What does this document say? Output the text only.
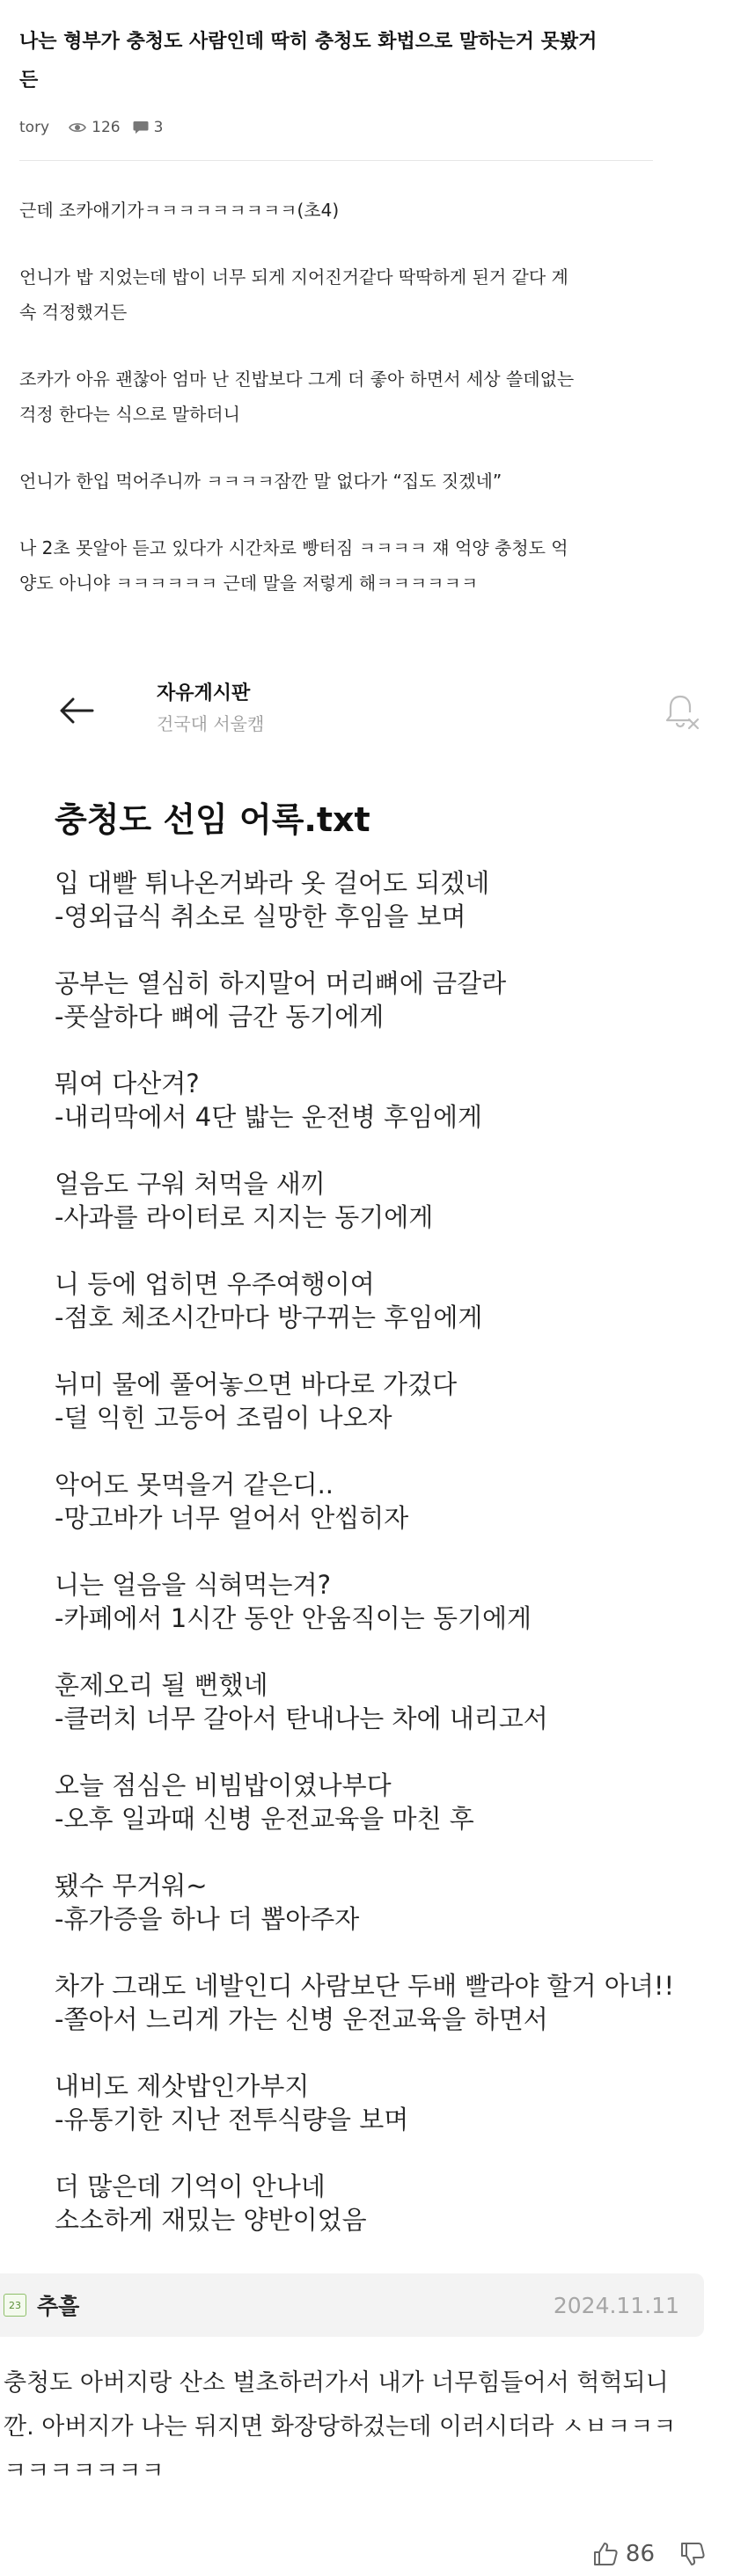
나는 형부가 충청도 사람인데 딱히 충청도 화법으로 말하는거 못봤거
든
tory	126 3
근데 조카애기가ㅋㅋㅋㅋㅋㅋㅋㅋㅋ(초4)
언니가 밥 지었는데 밥이 너무 되게 지어진거같다 딱딱하게 된거 같다 계
속 걱정했거든
조카가 아유 괜찮아 엄마 난 진밥보다 그게 더 좋아 하면서 세상 쓸데없는
걱정 한다는 식으로 말하더니
언니가 한입 먹어주니까 ㅋㅋㅋㅋ잠깐 말 없다가 “집도 짓겠네”
나 2초 못알아 듣고 있다가 시간차로 빵터짐 ㅋㅋㅋㅋ 쟤 억양 충청도 억
양도 아니야 ㅋㅋㅋㅋㅋㅋ 근데 말을 저렇게 해ㅋㅋㅋㅋㅋㅋ
자유게시판
건국대 서울캠
충청도 선임 어록.txt
입 대빨 튀나온거봐라 옷 걸어도 되겠네
-영외급식 취소로 실망한 후임을 보며
공부는 열심히 하지말어 머리뼈에 금갈라
-풋살하다 뼈에 금간 동기에게
뭐여 다산겨?
-내리막에서 4단 밟는 운전병 후임에게
얼음도 구워 처먹을 새끼
-사과를 라이터로 지지는 동기에게
니 등에 업히면 우주여행이여
-점호 체조시간마다 방구뀌는 후임에게
뉘미 물에 풀어놓으면 바다로 가겄다
-덜 익힌 고등어 조림이 나오자
악어도 못먹을거 같은디..
-망고바가 너무 얼어서 안씹히자
니는 얼음을 식혀먹는겨?
-카페에서 1시간 동안 안움직이는 동기에게
훈제오리 될 뻔했네
-클러치 너무 갈아서 탄내나는 차에 내리고서
오늘 점심은 비빔밥이였나부다
-오후 일과때 신병 운전교육을 마친 후
됐수 무거워~
-휴가증을 하나 더 뽑아주자
차가 그래도 네발인디 사람보단 두배 빨라야 할거 아녀!!
-쫄아서 느리게 가는 신병 운전교육을 하면서
내비도 제삿밥인가부지
-유통기한 지난 전투식량을 보며
더 많은데 기억이 안나네
소소하게 재밌는 양반이었음
23 추흘	2024.11.11
충청도 아버지랑 산소 벌초하러가서 내가 너무힘들어서 헉헉되니
깐. 아버지가 나는 뒤지면 화장당하겄는데 이러시더라 ㅅㅂㅋㅋㅋ
ㅋㅋㅋㅋㅋㅋㅋ
86
